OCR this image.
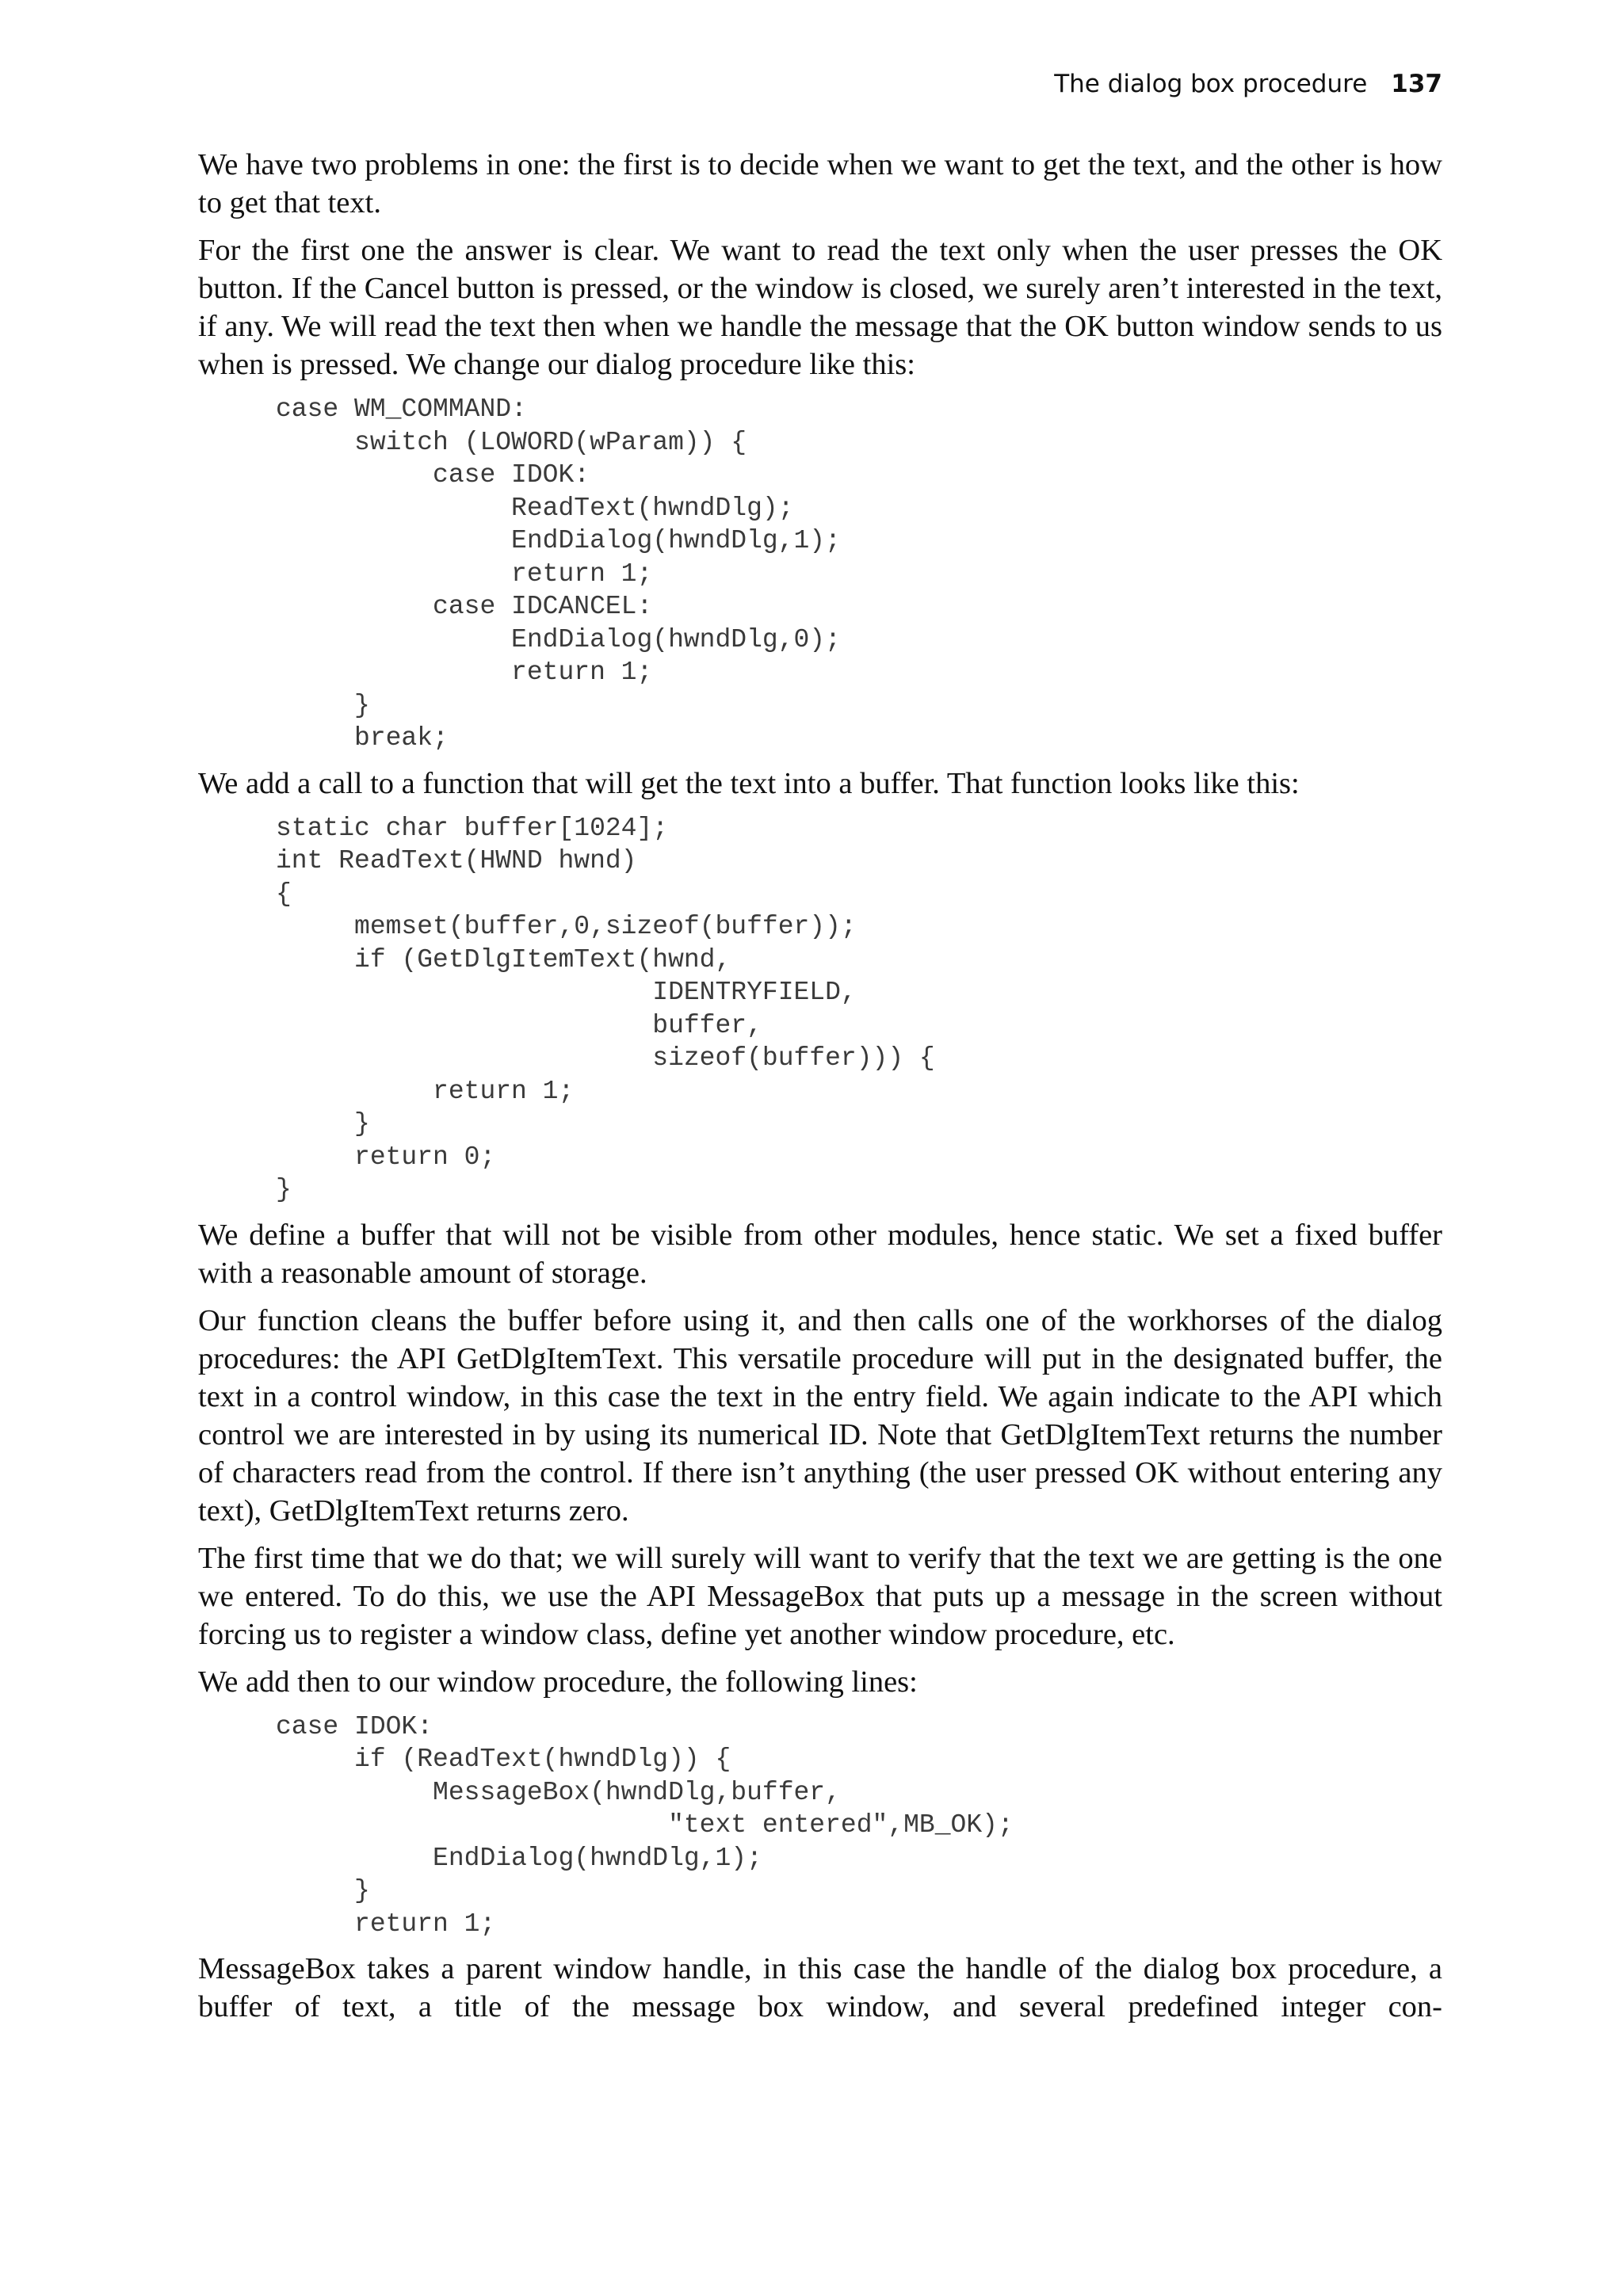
The dialog box procedure 137

We have two problems in one: the first is to decide when we want to get the text, and the other is how to get that text.

For the first one the answer is clear. We want to read the text only when the user presses the OK button. If the Cancel button is pressed, or the window is closed, we surely aren’t interested in the text, if any. We will read the text then when we handle the message that the OK button window sends to us when is pressed. We change our dialog procedure like this:

case WM_COMMAND:
switch (LOWORD(wParam)) {
case IDOK:
ReadText(hwndDlg);
EndDialog(hwndDlg,1);
return 1;
case IDCANCEL:
EndDialog(hwndDlg,0);
return 1;
}
break;

We add a call to a function that will get the text into a buffer. That function looks like this:

static char buffer[1024];
int ReadText(HWND hwnd)
{
memset(buffer,0,sizeof(buffer));
if (GetDlgItemText(hwnd,
IDENTRYFIELD,
buffer,
sizeof(buffer))) {
return 1;
}
return 0;
}

We define a buffer that will not be visible from other modules, hence static. We set a fixed buffer with a reasonable amount of storage.

Our function cleans the buffer before using it, and then calls one of the workhorses of the dialog procedures: the API GetDlgItemText. This versatile procedure will put in the designated buffer, the text in a control window, in this case the text in the entry field. We again indicate to the API which control we are interested in by using its numerical ID. Note that GetDlgItemText returns the number of characters read from the control. If there isn’t anything (the user pressed OK without entering any text), GetDlgItemText returns zero.

The first time that we do that; we will surely will want to verify that the text we are getting is the one we entered. To do this, we use the API MessageBox that puts up a message in the screen without forcing us to register a window class, define yet another window procedure, etc.

We add then to our window procedure, the following lines:

case IDOK:
if (ReadText(hwndDlg)) {
MessageBox(hwndDlg,buffer,
"text entered",MB_OK);
EndDialog(hwndDlg,1);
}
return 1;

MessageBox takes a parent window handle, in this case the handle of the dialog box procedure, a buffer of text, a title of the message box window, and several predefined integer con-
